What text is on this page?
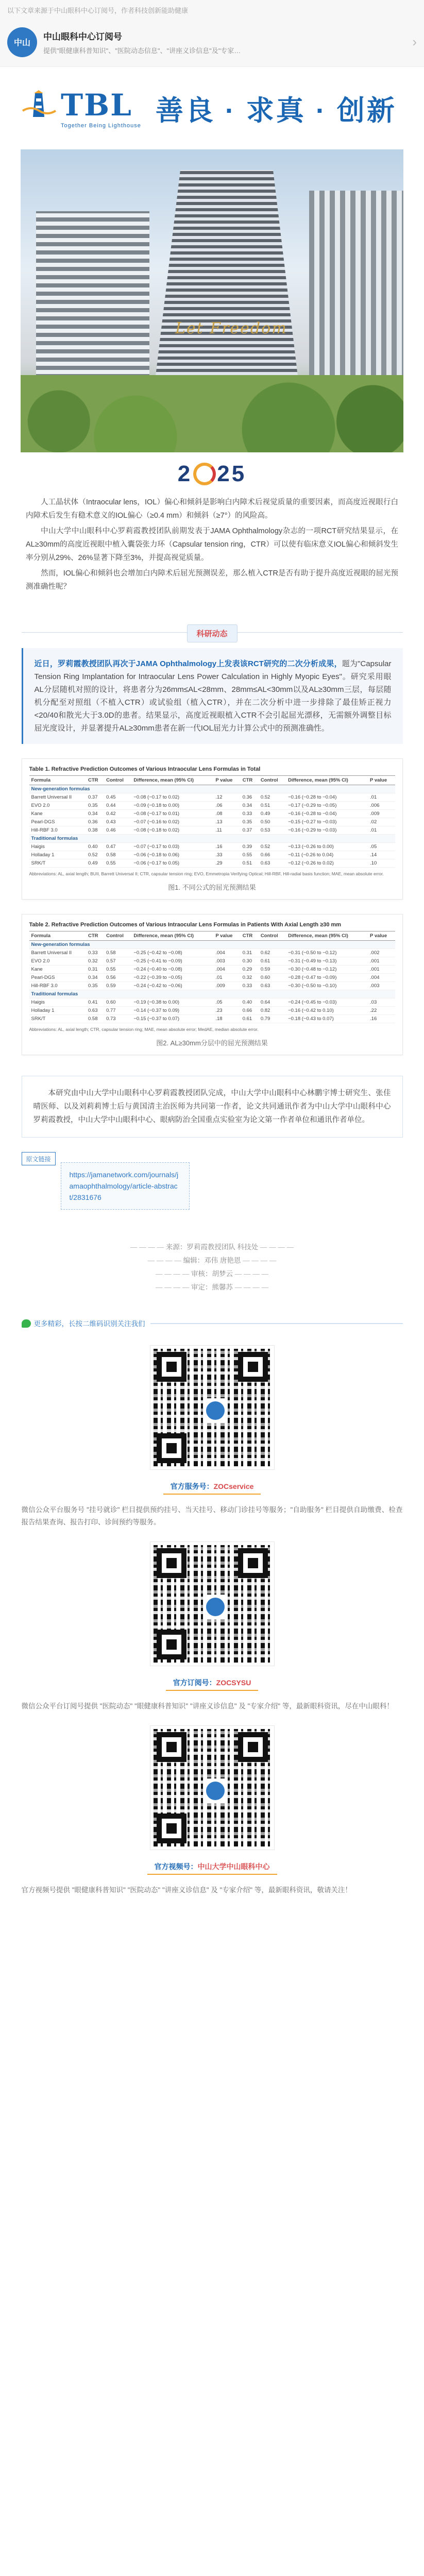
以下文章来源于中山眼科中心订阅号，作者科技创新能助健康
中山
中山眼科中心订阅号
提供"眼健康科普知识"、"医院动态信息"、"讲座义诊信息"及"专家…
›
TBL
Together Being Lighthouse 善良 · 求真 · 创新
Let Freedom
2 25

人工晶状体（Intraocular lens，IOL）偏心和倾斜是影响白内障术后视觉质量的重要因素，而高度近视眼行白内障术后发生有稳术意义的IOL偏心（≥0.4 mm）和倾斜（≥7°）的风险高。

中山大学中山眼科中心罗莉霞教授团队前期发表于JAMA Ophthalmology杂志的一项RCT研究结果显示，在AL≥30mm的高度近视眼中植入囊袋张力环（Capsular tension ring，CTR）可以使有临床意义IOL偏心和倾斜发生率分别从29%、26%显著下降至3%，并提高视觉质量。

然而，IOL偏心和倾斜也会增加白内障术后屈光预测误差，那么植入CTR是否有助于提升高度近视眼的屈光预测准确性呢？

科研动态
近日，罗莉霞教授团队再次于JAMA Ophthalmology上发表该RCT研究的二次分析成果，题为"Capsular Tension Ring Implantation for Intraocular Lens Power Calculation in Highly Myopic Eyes"。研究采用眼AL分层随机对照的设计，将患者分为26mm≤AL<28mm、28mm≤AL<30mm以及AL≥30mm三层，每层随机分配至对照组（不植入CTR）或试验组（植入CTR），并在二次分析中进一步排除了最佳矫正视力<20/40和散光大于3.0D的患者。结果显示，高度近视眼植入CTR不会引起屈光漂移，无需额外调整目标屈光度设计，并显著提升AL≥30mm患者在新一代IOL屈光力计算公式中的预测准确性。
Table 1. Refractive Prediction Outcomes of Various Intraocular Lens Formulas in Total
Formula	CTR	Control	Difference, mean (95% CI)	P value	CTR	Control	Difference, mean (95% CI)	P value
New-generation formulas								
Barrett Universal II	0.37	0.45	−0.08 (−0.17 to 0.02)	.12	0.36	0.52	−0.16 (−0.28 to −0.04)	.01
EVO 2.0	0.35	0.44	−0.09 (−0.18 to 0.00)	.06	0.34	0.51	−0.17 (−0.29 to −0.05)	.006
Kane	0.34	0.42	−0.08 (−0.17 to 0.01)	.08	0.33	0.49	−0.16 (−0.28 to −0.04)	.009
Pearl-DGS	0.36	0.43	−0.07 (−0.16 to 0.02)	.13	0.35	0.50	−0.15 (−0.27 to −0.03)	.02
Hill-RBF 3.0	0.38	0.46	−0.08 (−0.18 to 0.02)	.11	0.37	0.53	−0.16 (−0.29 to −0.03)	.01
Traditional formulas								
Haigis	0.40	0.47	−0.07 (−0.17 to 0.03)	.16	0.39	0.52	−0.13 (−0.26 to 0.00)	.05
Holladay 1	0.52	0.58	−0.06 (−0.18 to 0.06)	.33	0.55	0.66	−0.11 (−0.26 to 0.04)	.14
SRK/T	0.49	0.55	−0.06 (−0.17 to 0.05)	.29	0.51	0.63	−0.12 (−0.26 to 0.02)	.10
Abbreviations: AL, axial length; BUII, Barrett Universal II; CTR, capsular tension ring; EVO, Emmetropia Verifying Optical; Hill-RBF, Hill-radial basis function; MAE, mean absolute error.
图1. 不同公式的屈光预测结果
Table 2. Refractive Prediction Outcomes of Various Intraocular Lens Formulas in Patients With Axial Length ≥30 mm
Formula	CTR	Control	Difference, mean (95% CI)	P value	CTR	Control	Difference, mean (95% CI)	P value
New-generation formulas								
Barrett Universal II	0.33	0.58	−0.25 (−0.42 to −0.08)	.004	0.31	0.62	−0.31 (−0.50 to −0.12)	.002
EVO 2.0	0.32	0.57	−0.25 (−0.41 to −0.09)	.003	0.30	0.61	−0.31 (−0.49 to −0.13)	.001
Kane	0.31	0.55	−0.24 (−0.40 to −0.08)	.004	0.29	0.59	−0.30 (−0.48 to −0.12)	.001
Pearl-DGS	0.34	0.56	−0.22 (−0.39 to −0.05)	.01	0.32	0.60	−0.28 (−0.47 to −0.09)	.004
Hill-RBF 3.0	0.35	0.59	−0.24 (−0.42 to −0.06)	.009	0.33	0.63	−0.30 (−0.50 to −0.10)	.003
Traditional formulas								
Haigis	0.41	0.60	−0.19 (−0.38 to 0.00)	.05	0.40	0.64	−0.24 (−0.45 to −0.03)	.03
Holladay 1	0.63	0.77	−0.14 (−0.37 to 0.09)	.23	0.66	0.82	−0.16 (−0.42 to 0.10)	.22
SRK/T	0.58	0.73	−0.15 (−0.37 to 0.07)	.18	0.61	0.79	−0.18 (−0.43 to 0.07)	.16
Abbreviations: AL, axial length; CTR, capsular tension ring; MAE, mean absolute error; MedAE, median absolute error.
图2. AL≥30mm分层中的屈光预测结果

本研究由中山大学中山眼科中心罗莉霞教授团队完成，中山大学中山眼科中心林鹏宇博士研究生、张佳晴医师、以及刘莉莉博士后与黄国清主治医师为共同第一作者，论文共同通讯作者为中山大学中山眼科中心罗莉霞教授，中山大学中山眼科中心、眼病防治全国重点实验室为论文第一作者单位和通讯作者单位。

原文链接
https://jamanetwork.com/journals/jamaophthalmology/article-abstract/2831676
— — — — 来源：罗莉霞教授团队 科技处 — — — —
— — — — 编辑：邓伟 唐艳恩 — — — —
— — — — 审核：胡梦云 — — — —
— — — — 审定：熊馨苏 — — — —
更多精彩，长按二维码识别关注我们
官方服务号：ZOCservice
微信公众平台服务号 "挂号就诊" 栏目提供预约挂号、当天挂号、移动门诊挂号等服务；"自助服务" 栏目提供自助缴费、检查报告结果查询、报告打印、诊间预约等服务。
官方订阅号：ZOCSYSU
微信公众平台订阅号提供 "医院动态" "眼健康科普知识" "讲座义诊信息" 及 "专家介绍" 等，最新眼科资讯，尽在中山眼科！
官方视频号：中山大学中山眼科中心
官方视频号提供 "眼健康科普知识" "医院动态" "讲座义诊信息" 及 "专家介绍" 等，最新眼科资讯，敬请关注！
